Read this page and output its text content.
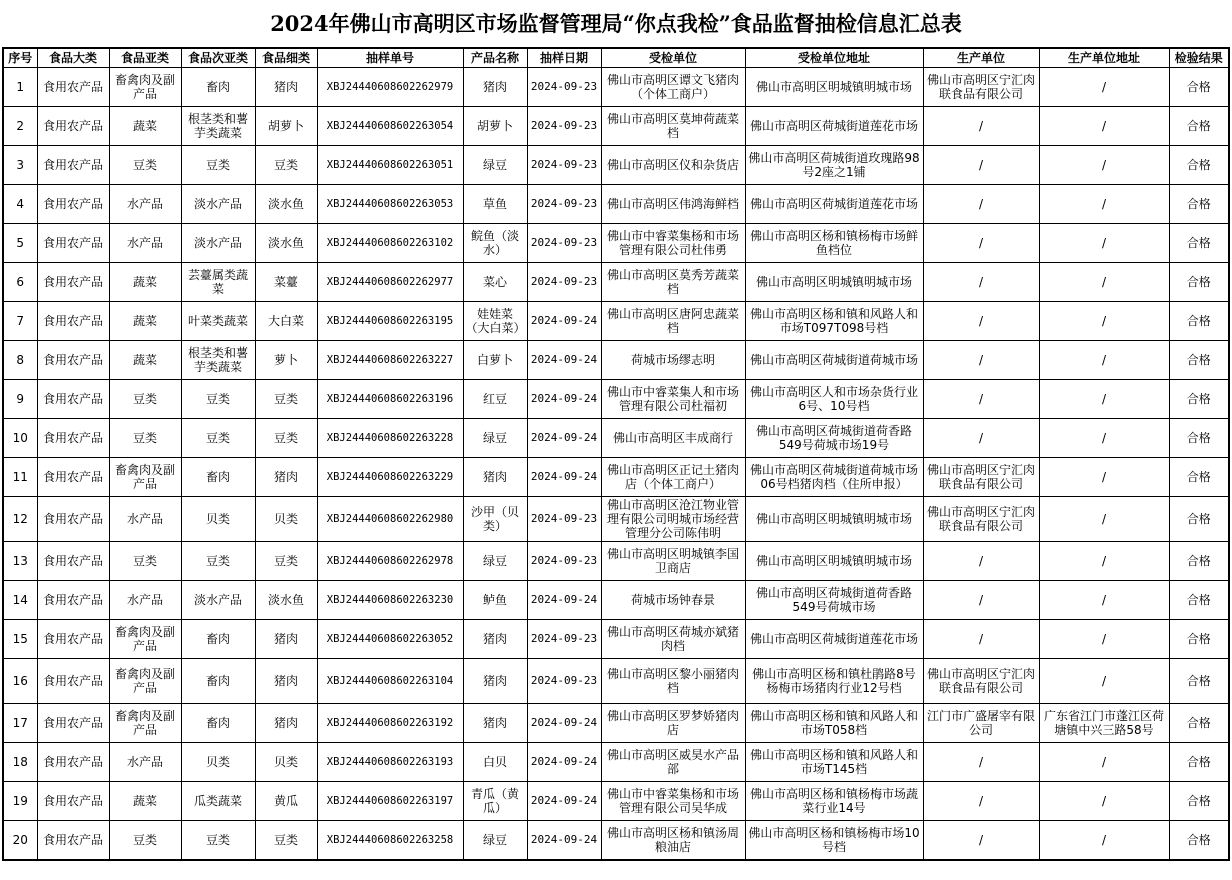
2024年佛山市高明区市场监督管理局“你点我检”食品监督抽检信息汇总表
序号	食品大类	食品亚类	食品次亚类	食品细类	抽样单号	产品名称	抽样日期	受检单位	受检单位地址	生产单位	生产单位地址	检验结果
1	食用农产品	畜禽肉及副产品	畜肉	猪肉	XBJ24440608602262979	猪肉	2024-09-23	佛山市高明区谭文飞猪肉（个体工商户）	佛山市高明区明城镇明城市场	佛山市高明区宁汇肉联食品有限公司	/	合格
2	食用农产品	蔬菜	根茎类和薯芋类蔬菜	胡萝卜	XBJ24440608602263054	胡萝卜	2024-09-23	佛山市高明区莫坤荷蔬菜档	佛山市高明区荷城街道莲花市场	/	/	合格
3	食用农产品	豆类	豆类	豆类	XBJ24440608602263051	绿豆	2024-09-23	佛山市高明区仪和杂货店	佛山市高明区荷城街道玫瑰路98号2座之1铺	/	/	合格
4	食用农产品	水产品	淡水产品	淡水鱼	XBJ24440608602263053	草鱼	2024-09-23	佛山市高明区伟鸿海鲜档	佛山市高明区荷城街道莲花市场	/	/	合格
5	食用农产品	水产品	淡水产品	淡水鱼	XBJ24440608602263102	鲩鱼（淡水）	2024-09-23	佛山市中睿菜集杨和市场管理有限公司杜伟勇	佛山市高明区杨和镇杨梅市场鲜鱼档位	/	/	合格
6	食用农产品	蔬菜	芸薹属类蔬菜	菜薹	XBJ24440608602262977	菜心	2024-09-23	佛山市高明区莫秀芳蔬菜档	佛山市高明区明城镇明城市场	/	/	合格
7	食用农产品	蔬菜	叶菜类蔬菜	大白菜	XBJ24440608602263195	娃娃菜（大白菜）	2024-09-24	佛山市高明区唐阿忠蔬菜档	佛山市高明区杨和镇和风路人和市场T097T098号档	/	/	合格
8	食用农产品	蔬菜	根茎类和薯芋类蔬菜	萝卜	XBJ24440608602263227	白萝卜	2024-09-24	荷城市场缪志明	佛山市高明区荷城街道荷城市场	/	/	合格
9	食用农产品	豆类	豆类	豆类	XBJ24440608602263196	红豆	2024-09-24	佛山市中睿菜集人和市场管理有限公司杜福初	佛山市高明区人和市场杂货行业6号、10号档	/	/	合格
10	食用农产品	豆类	豆类	豆类	XBJ24440608602263228	绿豆	2024-09-24	佛山市高明区丰成商行	佛山市高明区荷城街道荷香路549号荷城市场19号	/	/	合格
11	食用农产品	畜禽肉及副产品	畜肉	猪肉	XBJ24440608602263229	猪肉	2024-09-24	佛山市高明区正记土猪肉店（个体工商户）	佛山市高明区荷城街道荷城市场06号档猪肉档（住所申报）	佛山市高明区宁汇肉联食品有限公司	/	合格
12	食用农产品	水产品	贝类	贝类	XBJ24440608602262980	沙甲（贝类）	2024-09-23	佛山市高明区沧江物业管理有限公司明城市场经营管理分公司陈伟明	佛山市高明区明城镇明城市场	佛山市高明区宁汇肉联食品有限公司	/	合格
13	食用农产品	豆类	豆类	豆类	XBJ24440608602262978	绿豆	2024-09-23	佛山市高明区明城镇李国卫商店	佛山市高明区明城镇明城市场	/	/	合格
14	食用农产品	水产品	淡水产品	淡水鱼	XBJ24440608602263230	鲈鱼	2024-09-24	荷城市场钟春景	佛山市高明区荷城街道荷香路549号荷城市场	/	/	合格
15	食用农产品	畜禽肉及副产品	畜肉	猪肉	XBJ24440608602263052	猪肉	2024-09-23	佛山市高明区荷城亦斌猪肉档	佛山市高明区荷城街道莲花市场	/	/	合格
16	食用农产品	畜禽肉及副产品	畜肉	猪肉	XBJ24440608602263104	猪肉	2024-09-23	佛山市高明区黎小丽猪肉档	佛山市高明区杨和镇杜鹃路8号杨梅市场猪肉行业12号档	佛山市高明区宁汇肉联食品有限公司	/	合格
17	食用农产品	畜禽肉及副产品	畜肉	猪肉	XBJ24440608602263192	猪肉	2024-09-24	佛山市高明区罗梦娇猪肉店	佛山市高明区杨和镇和风路人和市场T058档	江门市广盛屠宰有限公司	广东省江门市蓬江区荷塘镇中兴三路58号	合格
18	食用农产品	水产品	贝类	贝类	XBJ24440608602263193	白贝	2024-09-24	佛山市高明区威昊水产品部	佛山市高明区杨和镇和风路人和市场T145档	/	/	合格
19	食用农产品	蔬菜	瓜类蔬菜	黄瓜	XBJ24440608602263197	青瓜（黄瓜）	2024-09-24	佛山市中睿菜集杨和市场管理有限公司吴华成	佛山市高明区杨和镇杨梅市场蔬菜行业14号	/	/	合格
20	食用农产品	豆类	豆类	豆类	XBJ24440608602263258	绿豆	2024-09-24	佛山市高明区杨和镇汤周粮油店	佛山市高明区杨和镇杨梅市场10号档	/	/	合格
